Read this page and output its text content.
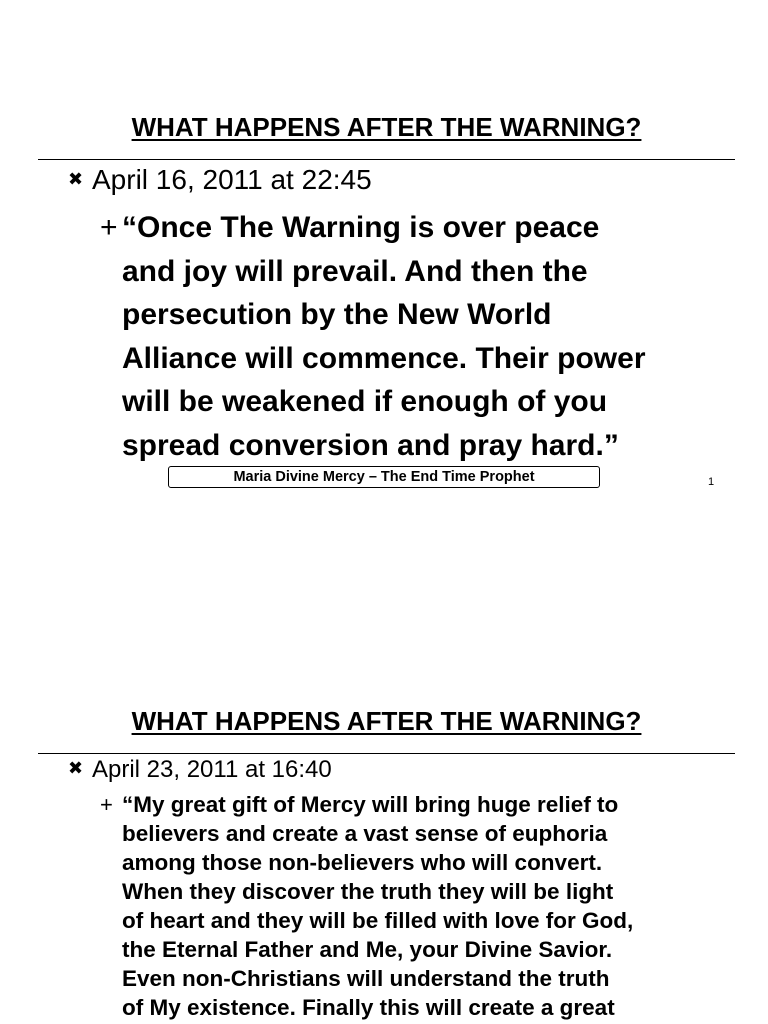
WHAT HAPPENS AFTER THE WARNING?
✖ April 16, 2011 at 22:45
+ “Once The Warning is over peace
and joy will prevail. And then the
persecution by the New World
Alliance will commence. Their power
will be weakened if enough of you
spread conversion and pray hard.”
Maria Divine Mercy – The End Time Prophet	1
WHAT HAPPENS AFTER THE WARNING?
✖ April 23, 2011 at 16:40
+ “My great gift of Mercy will bring huge relief to
believers and create a vast sense of euphoria
among those non-believers who will convert.
When they discover the truth they will be light
of heart and they will be filled with love for God,
the Eternal Father and Me, your Divine Savior.
Even non-Christians will understand the truth
of My existence. Finally this will create a great
